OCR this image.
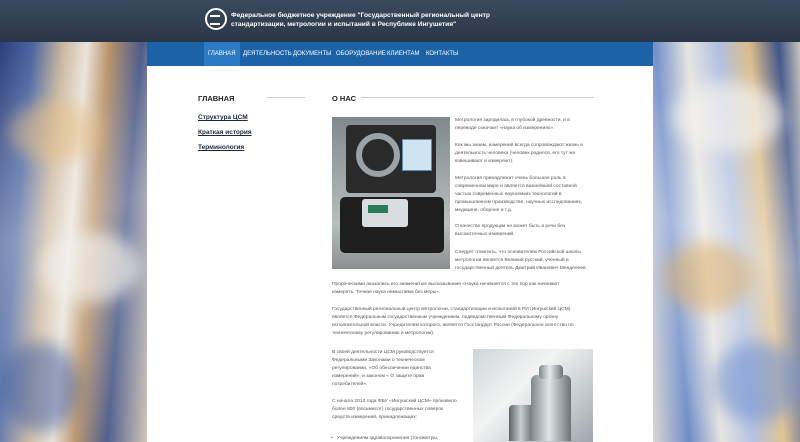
Федеральное бюджетное учреждение "Государственный региональный центр
стандартизации, метрологии и испытаний в Республике Ингушетия"
ГЛАВНАЯ	ДЕЯТЕЛЬНОСТЬ ДОКУМЕНТЫ ОБОРУДОВАНИЕ КЛИЕНТАМ	КОНТАКТЫ
ГЛАВНАЯ
Структура ЦСМ
Краткая история
Терминология
О НАС
Метрология зародилась в глубокой древности, и в
переводе означает «наука об измерениях».
Как мы знаем, измерения всегда сопровождают жизнь и
деятельность человека (человек родился, его тут же
взвешивают и измеряют).
Метрология принадлежит очень большая роль в
современном мире и является важнейшей составной
частью современных наукоемких технологий в
промышленном производстве, научных исследованиях,
медицине, обороне и т.д.
О качестве продукции не может быть и речи без
высокоточных измерений.
Следует отметить, что основателем Российской школы
метрологии является Великий русский, ученный и
государственный деятель Дмитрий Иванович Менделеев.
Пророческими оказались его знаменитые высказывания «Наука начинается с тех пор как начинают
измерять. Точная наука немыслима без меры».
Государственный региональный центр метрологии, стандартизации и испытаний в РИ (Ингушский ЦСМ)
является Федеральным государственным учреждением, подведомственным Федеральному органу
исполнительной власти. Учредителем которого, является Госстандарт России (Федеральное агентство по
техническому регулированию и метрологии).
В своей деятельности ЦСМ руководствуется
Федеральными Законами о техническом
регулировании, «Об обеспечении единства
измерений», и законом « О защите прав
потребителей».
С начала 2013 года ФБУ «Ингушский ЦСМ» произвело
более 800 (восьмисот) государственных поверок
средств измерений, принадлежащих:
•   Учреждениям здравоохранения (тонометры,
